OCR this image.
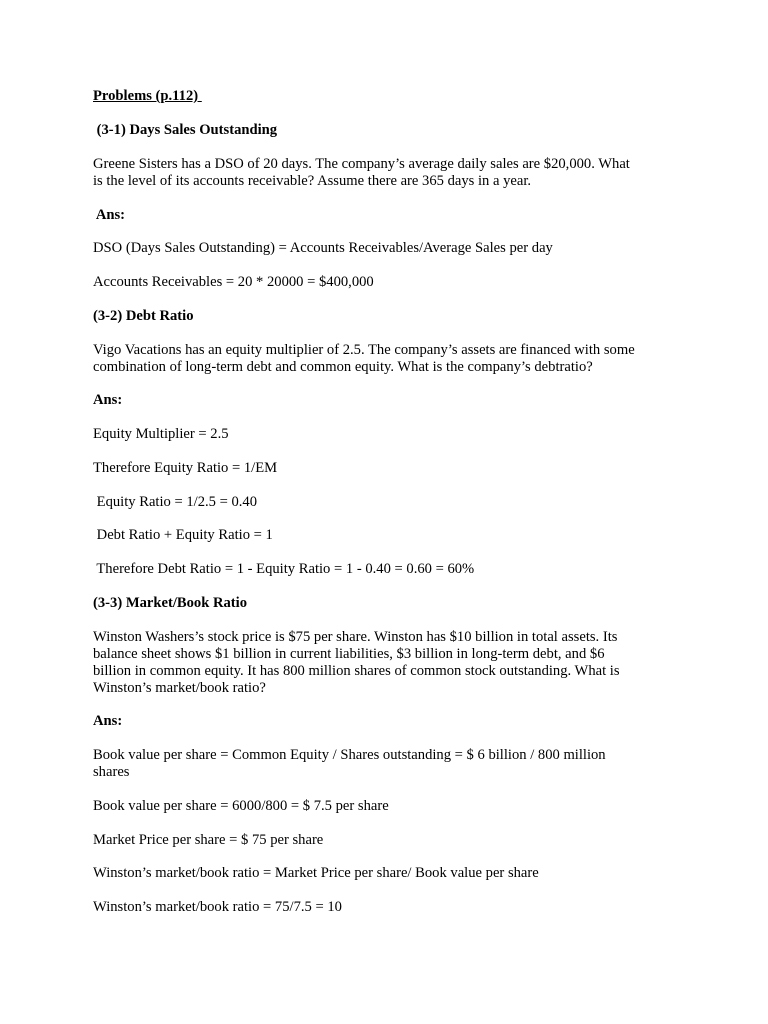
Problems (p.112)
(3-1) Days Sales Outstanding
Greene Sisters has a DSO of 20 days. The company’s average daily sales are $20,000. What
is the level of its accounts receivable? Assume there are 365 days in a year.
Ans:
DSO (Days Sales Outstanding) = Accounts Receivables/Average Sales per day
Accounts Receivables = 20 * 20000 = $400,000
(3-2) Debt Ratio
Vigo Vacations has an equity multiplier of 2.5. The company’s assets are financed with some
combination of long-term debt and common equity. What is the company’s debtratio?
Ans:
Equity Multiplier = 2.5
Therefore Equity Ratio = 1/EM
Equity Ratio = 1/2.5 = 0.40
Debt Ratio + Equity Ratio = 1
Therefore Debt Ratio = 1 - Equity Ratio = 1 - 0.40 = 0.60 = 60%
(3-3) Market/Book Ratio
Winston Washers’s stock price is $75 per share. Winston has $10 billion in total assets. Its
balance sheet shows $1 billion in current liabilities, $3 billion in long-term debt, and $6
billion in common equity. It has 800 million shares of common stock outstanding. What is
Winston’s market/book ratio?
Ans:
Book value per share = Common Equity / Shares outstanding = $ 6 billion / 800 million
shares
Book value per share = 6000/800 = $ 7.5 per share
Market Price per share = $ 75 per share
Winston’s market/book ratio = Market Price per share/ Book value per share
Winston’s market/book ratio = 75/7.5 = 10
